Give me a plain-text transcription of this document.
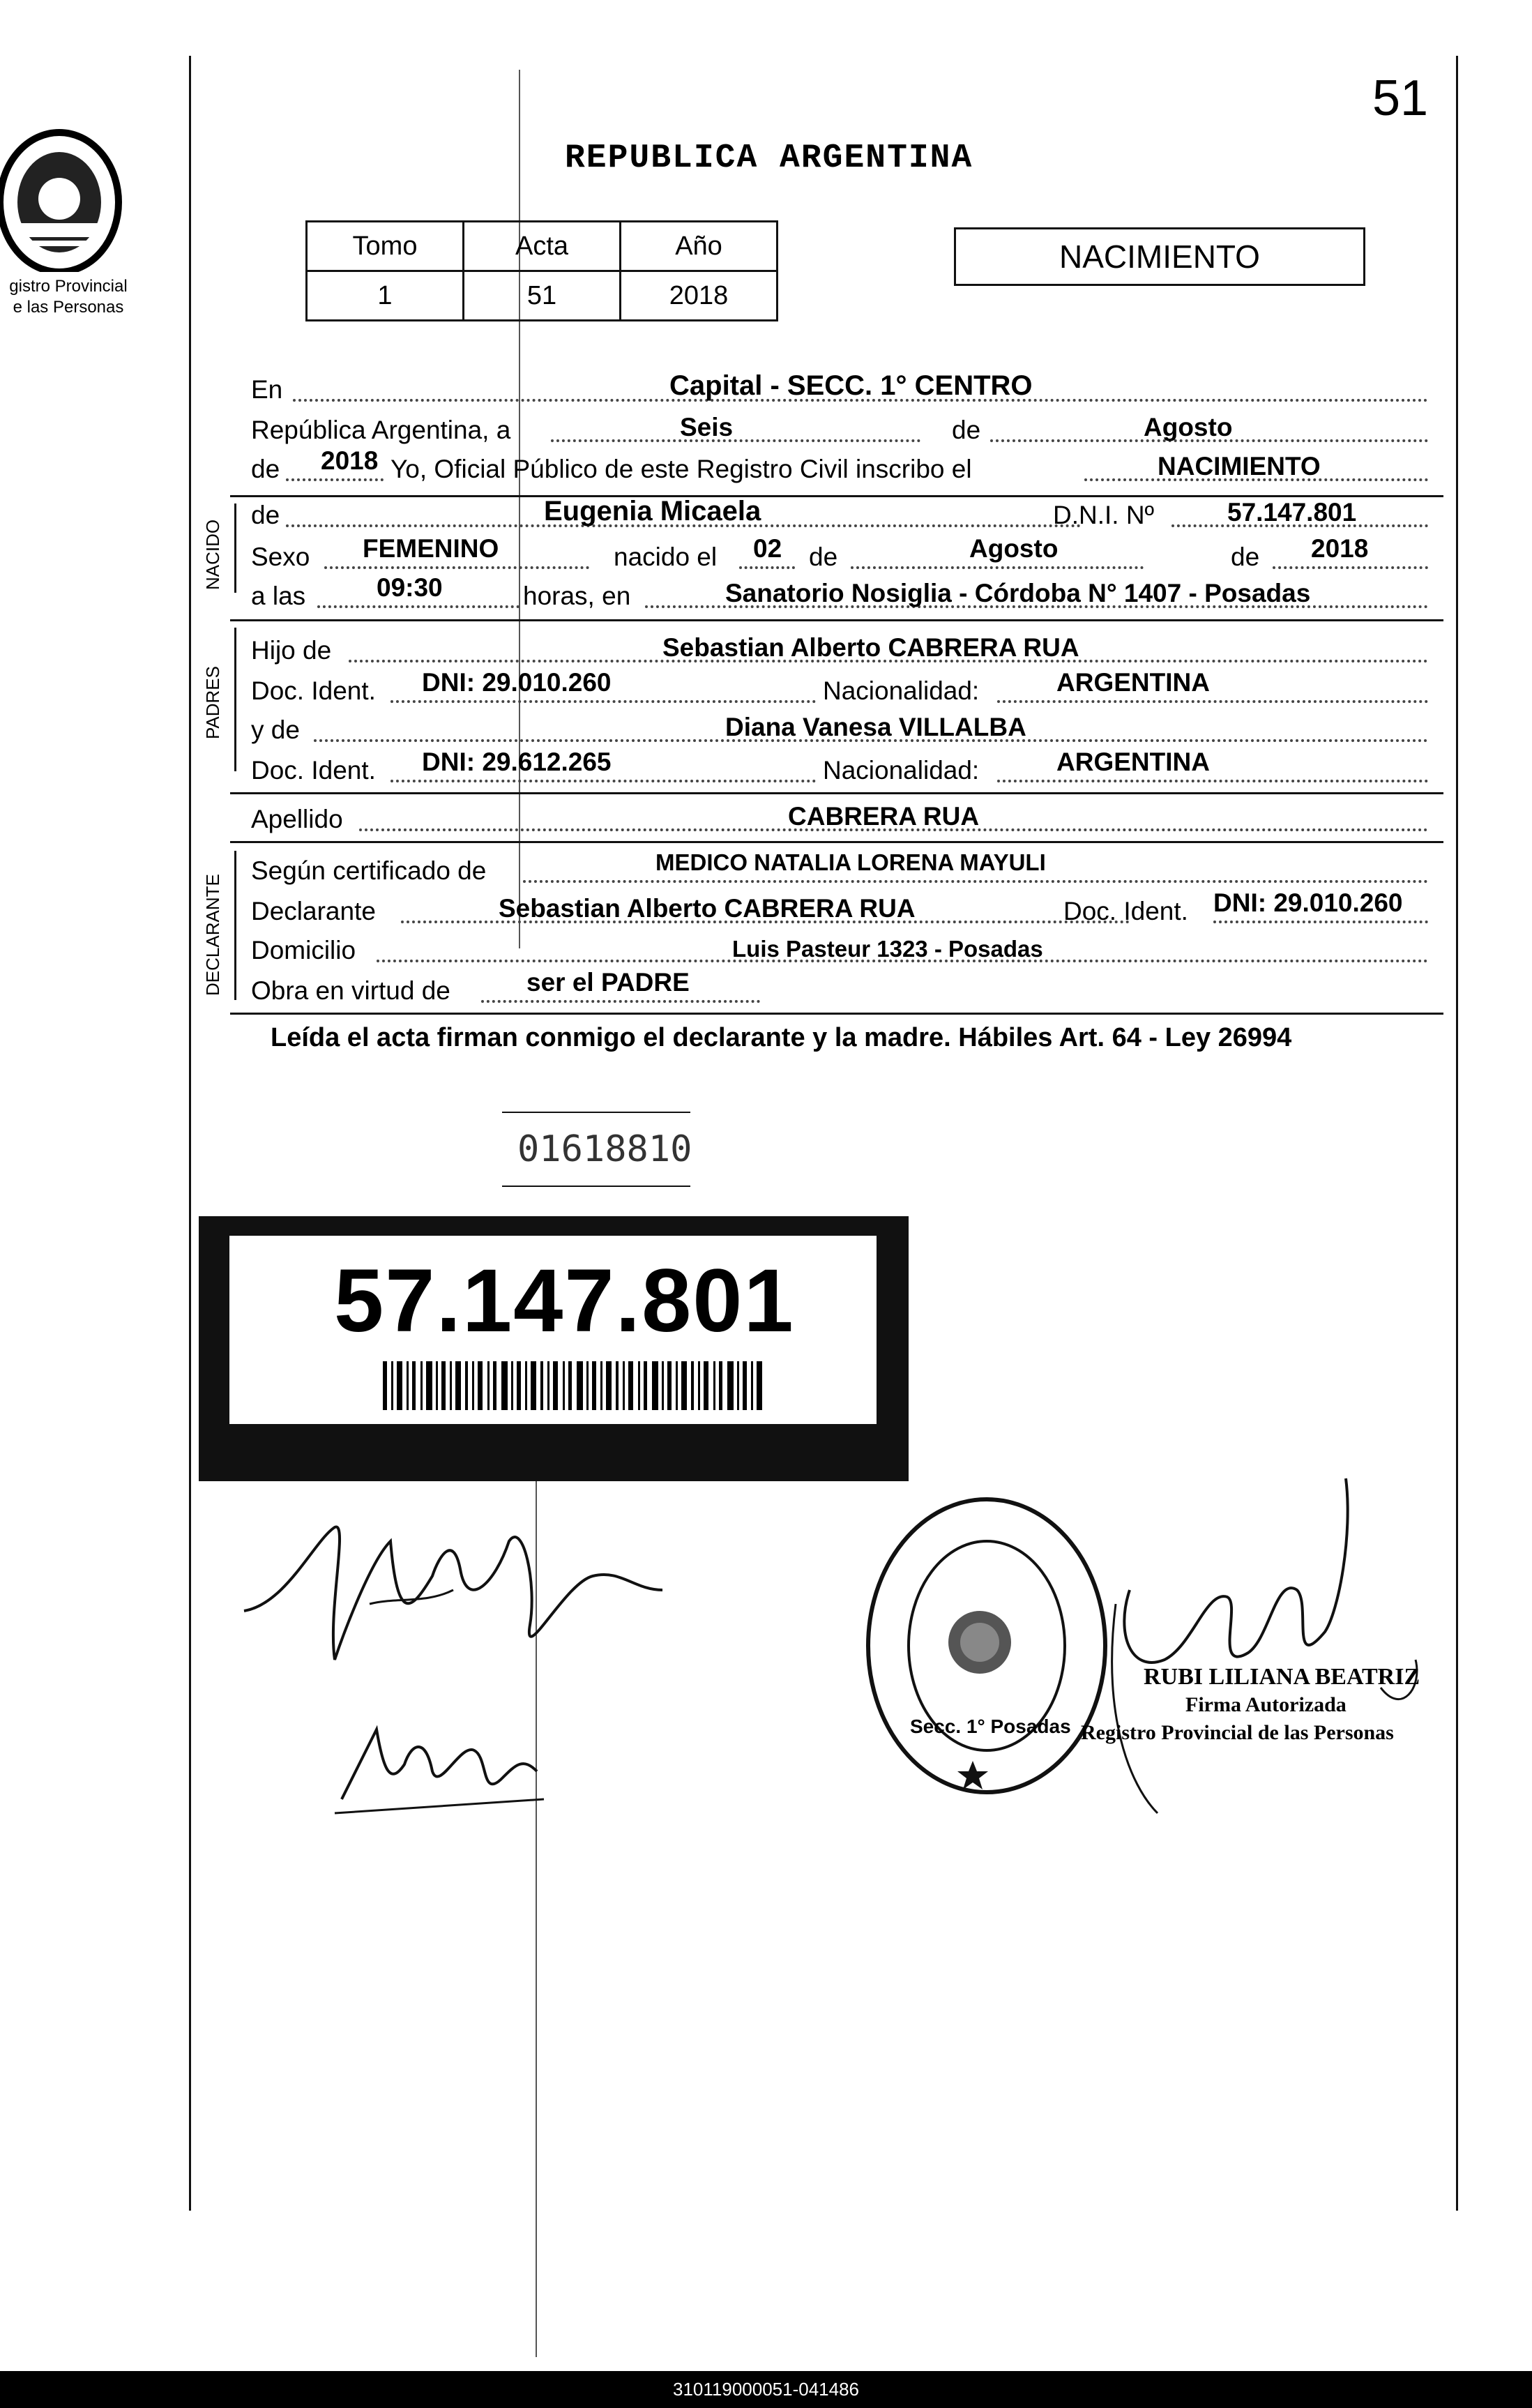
gistro Provincial
e las Personas
51
REPUBLICA ARGENTINA
Tomo	Acta	Año
1	51	2018
NACIMIENTO
En	Capital - SECC. 1° CENTRO
República Argentina, a	Seis	de	Agosto
de 2018 Yo, Oficial Público de este Registro Civil inscribo el	NACIMIENTO
NACIDO
de	Eugenia Micaela	D.N.I. Nº	57.147.801
Sexo FEMENINO	nacido el 02 de	Agosto	de 2018
a las	09:30	horas, en	Sanatorio Nosiglia - Córdoba N° 1407 - Posadas
PADRES
Hijo de	Sebastian Alberto CABRERA RUA
Doc. Ident. DNI: 29.010.260	Nacionalidad:	ARGENTINA
y de	Diana Vanesa VILLALBA
Doc. Ident. DNI: 29.612.265	Nacionalidad:	ARGENTINA
Apellido	CABRERA RUA
DECLARANTE
Según certificado de	MEDICO NATALIA LORENA MAYULI
Declarante	Sebastian Alberto CABRERA RUA	Doc. Ident. DNI: 29.010.260
Domicilio	Luis Pasteur 1323 - Posadas
Obra en virtud de	ser el PADRE
Leída el acta firman conmigo el declarante y la madre. Hábiles Art. 64 - Ley 26994
01618810
57.147.801
Secc. 1° Posadas
RUBI LILIANA BEATRIZ
Firma Autorizada
Registro Provincial de las Personas
310119000051-041486
